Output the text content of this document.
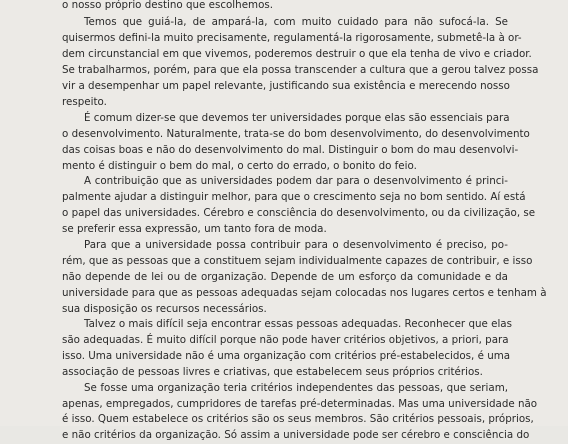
o nosso próprio destino que escolhemos.
Temos que guiá-la, de ampará-la, com muito cuidado para não sufocá-la. Se
quisermos defini-la muito precisamente, regulamentá-la rigorosamente, submetê-la à or-
dem circunstancial em que vivemos, poderemos destruir o que ela tenha de vivo e criador.
Se trabalharmos, porém, para que ela possa transcender a cultura que a gerou talvez possa
vir a desempenhar um papel relevante, justificando sua existência e merecendo nosso
respeito.
É comum dizer-se que devemos ter universidades porque elas são essenciais para
o desenvolvimento. Naturalmente, trata-se do bom desenvolvimento, do desenvolvimento
das coisas boas e não do desenvolvimento do mal. Distinguir o bom do mau desenvolvi-
mento é distinguir o bem do mal, o certo do errado, o bonito do feio.
A contribuição que as universidades podem dar para o desenvolvimento é princi-
palmente ajudar a distinguir melhor, para que o crescimento seja no bom sentido. Aí está
o papel das universidades. Cérebro e consciência do desenvolvimento, ou da civilização, se
se preferir essa expressão, um tanto fora de moda.
Para que a universidade possa contribuir para o desenvolvimento é preciso, po-
rém, que as pessoas que a constituem sejam individualmente capazes de contribuir, e isso
não depende de lei ou de organização. Depende de um esforço da comunidade e da
universidade para que as pessoas adequadas sejam colocadas nos lugares certos e tenham à
sua disposição os recursos necessários.
Talvez o mais difícil seja encontrar essas pessoas adequadas. Reconhecer que elas
são adequadas. É muito difícil porque não pode haver critérios objetivos, a priori, para
isso. Uma universidade não é uma organização com critérios pré-estabelecidos, é uma
associação de pessoas livres e criativas, que estabelecem seus próprios critérios.
Se fosse uma organização teria critérios independentes das pessoas, que seriam,
apenas, empregados, cumpridores de tarefas pré-determinadas. Mas uma universidade não
é isso. Quem estabelece os critérios são os seus membros. São critérios pessoais, próprios,
e não critérios da organização. Só assim a universidade pode ser cérebro e consciência do
